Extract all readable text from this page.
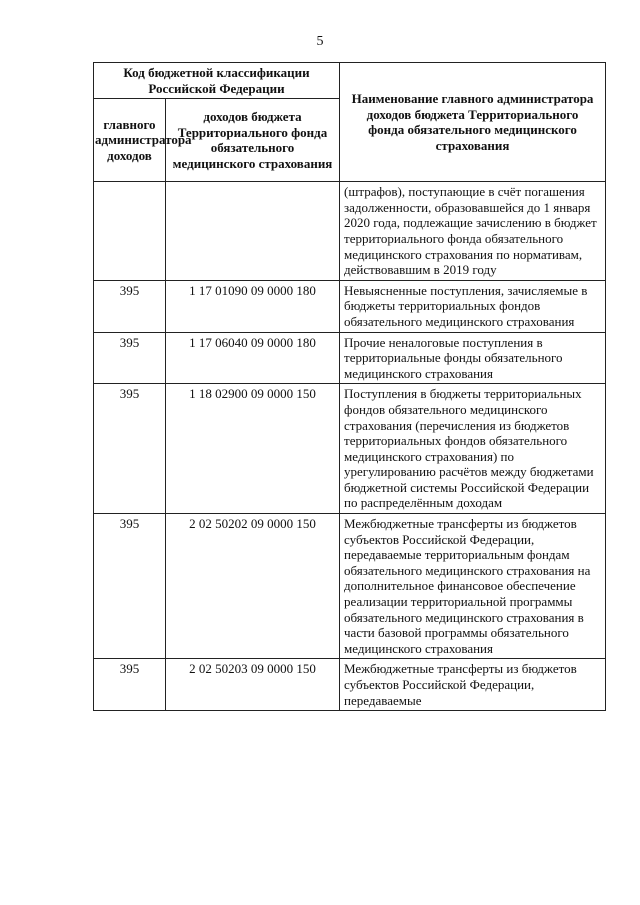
5
Код бюджетной классификации Российской Федерации		Наименование главного администратора доходов бюджета Территориального фонда обязательного медицинского страхования
главного администратора доходов	доходов бюджета Территориального фонда обязательного медицинского страхования	
		(штрафов), поступающие в счёт погашения задолженности, образовавшейся до 1 января 2020 года, подлежащие зачислению в бюджет территориального фонда обязательного медицинского страхования по нормативам, действовавшим в 2019 году
395	1 17 01090 09 0000 180	Невыясненные поступления, зачисляемые в бюджеты территориальных фондов обязательного медицинского страхования
395	1 17 06040 09 0000 180	Прочие неналоговые поступления в территориальные фонды обязательного медицинского страхования
395	1 18 02900 09 0000 150	Поступления в бюджеты территориальных фондов обязательного медицинского страхования (перечисления из бюджетов территориальных фондов обязательного медицинского страхования) по урегулированию расчётов между бюджетами бюджетной системы Российской Федерации по распределённым доходам
395	2 02 50202 09 0000 150	Межбюджетные трансферты из бюджетов субъектов Российской Федерации, передаваемые территориальным фондам обязательного медицинского страхования на дополнительное финансовое обеспечение реализации территориальной программы обязательного медицинского страхования в части базовой программы обязательного медицинского страхования
395	2 02 50203 09 0000 150	Межбюджетные трансферты из бюджетов субъектов Российской Федерации, передаваемые
